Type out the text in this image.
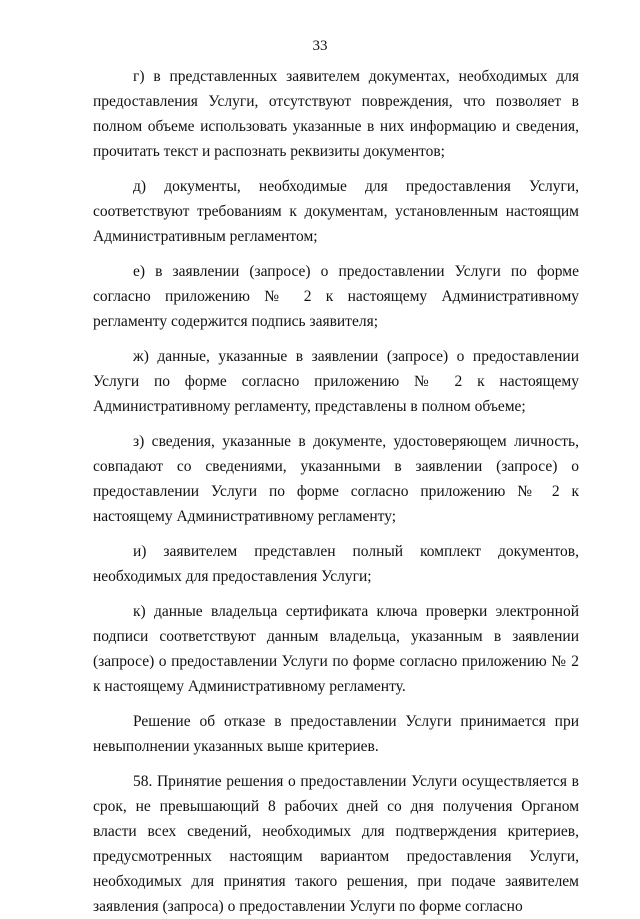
33

г) в представленных заявителем документах, необходимых для предоставления Услуги, отсутствуют повреждения, что позволяет в полном объеме использовать указанные в них информацию и сведения, прочитать текст и распознать реквизиты документов;

д) документы, необходимые для предоставления Услуги, соответствуют требованиям к документам, установленным настоящим Административным регламентом;

е) в заявлении (запросе) о предоставлении Услуги по форме согласно приложению № 2 к настоящему Административному регламенту содержится подпись заявителя;

ж) данные, указанные в заявлении (запросе) о предоставлении Услуги по форме согласно приложению № 2 к настоящему Административному регламенту, представлены в полном объеме;

з) сведения, указанные в документе, удостоверяющем личность, совпадают со сведениями, указанными в заявлении (запросе) о предоставлении Услуги по форме согласно приложению № 2 к настоящему Административному регламенту;

и) заявителем представлен полный комплект документов, необходимых для предоставления Услуги;

к) данные владельца сертификата ключа проверки электронной подписи соответствуют данным владельца, указанным в заявлении (запросе) о предоставлении Услуги по форме согласно приложению № 2 к настоящему Административному регламенту.

Решение об отказе в предоставлении Услуги принимается при невыполнении указанных выше критериев.

58. Принятие решения о предоставлении Услуги осуществляется в срок, не превышающий 8 рабочих дней со дня получения Органом власти всех сведений, необходимых для подтверждения критериев, предусмотренных настоящим вариантом предоставления Услуги, необходимых для принятия такого решения, при подаче заявителем заявления (запроса) о предоставлении Услуги по форме согласно
